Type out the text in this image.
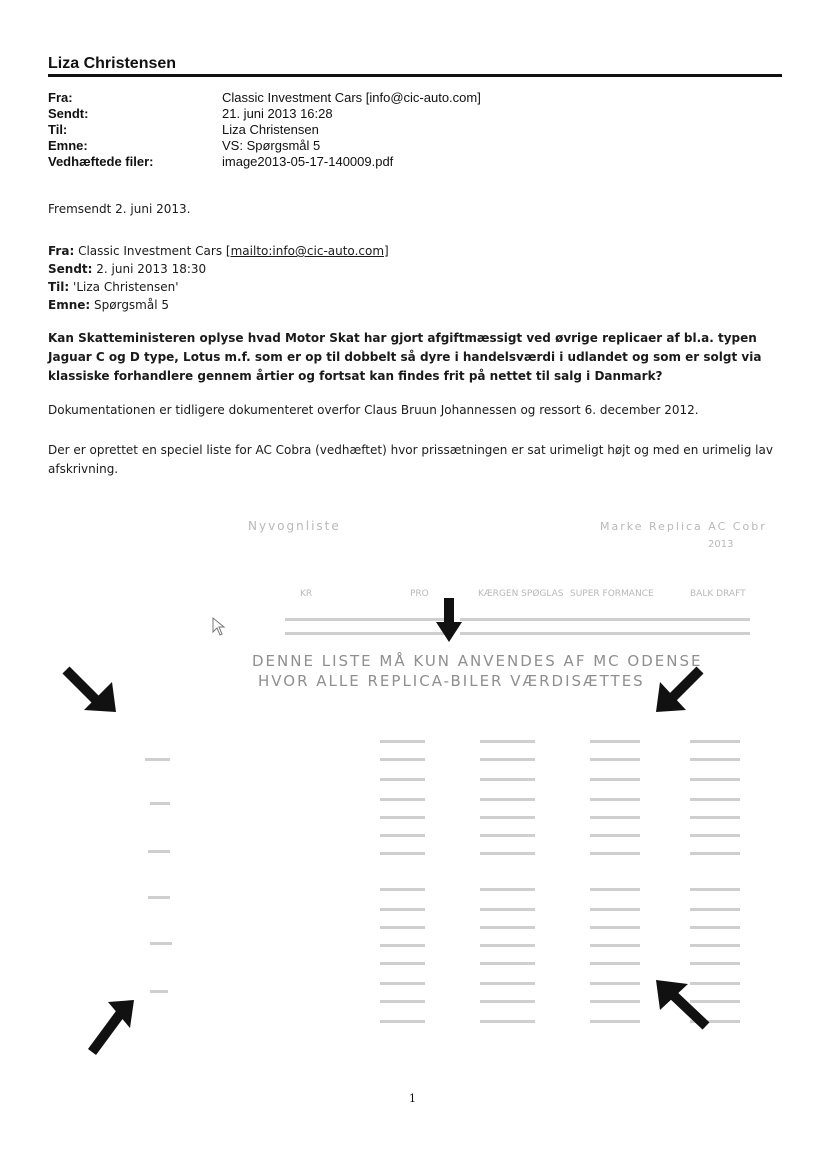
Liza Christensen
Fra:	Classic Investment Cars [info@cic-auto.com]
Sendt:	21. juni 2013 16:28
Til:	Liza Christensen
Emne:	VS: Spørgsmål 5
Vedhæftede filer:	image2013-05-17-140009.pdf
Fremsendt 2. juni 2013.
Fra: Classic Investment Cars [mailto:info@cic-auto.com]
Sendt: 2. juni 2013 18:30
Til: 'Liza Christensen'
Emne: Spørgsmål 5
Kan Skatteministeren oplyse hvad Motor Skat har gjort afgiftmæssigt ved øvrige replicaer af bl.a. typen Jaguar C og D type, Lotus m.f. som er op til dobbelt så dyre i handelsværdi i udlandet og som er solgt via klassiske forhandlere gennem årtier og fortsat kan findes frit på nettet til salg i Danmark?
Dokumentationen er tidligere dokumenteret overfor Claus Bruun Johannessen og ressort 6. december 2012.
Der er oprettet en speciel liste for AC Cobra (vedhæftet) hvor prissætningen er sat urimeligt højt og med en urimelig lav afskrivning.
Nyvognliste	Marke Replica AC Cobr
2013
KR	PRO	KÆRGEN SPØGLAS SUPER FORMANCE	BALK DRAFT
DENNE LISTE MÅ KUN ANVENDES AF MC ODENSE
HVOR ALLE REPLICA-BILER VÆRDISÆTTES
1
